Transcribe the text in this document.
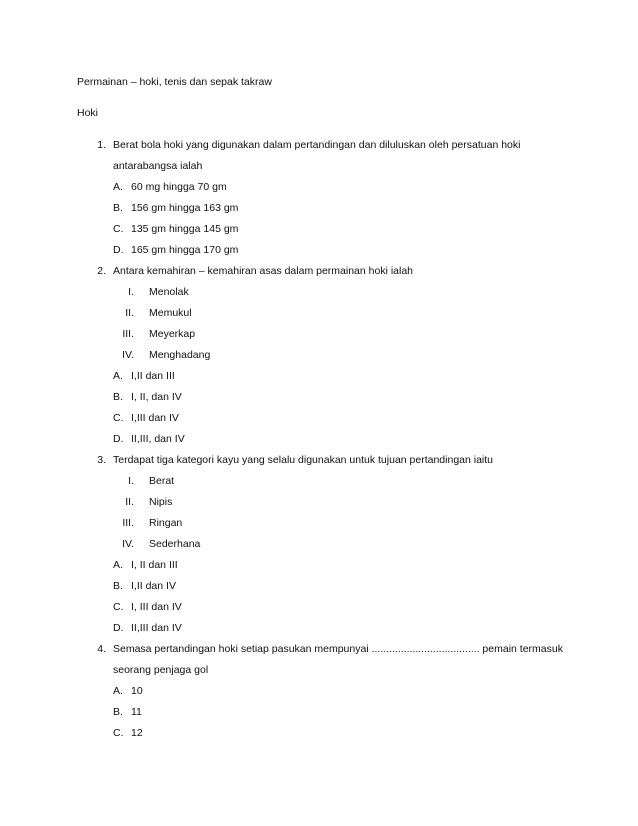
Permainan – hoki, tenis dan sepak takraw
Hoki
1. Berat bola hoki yang digunakan dalam pertandingan dan diluluskan oleh persatuan hoki
antarabangsa ialah
A. 60 mg hingga 70 gm
B. 156 gm hingga 163 gm
C. 135 gm hingga 145 gm
D. 165 gm hingga 170 gm
2. Antara kemahiran – kemahiran asas dalam permainan hoki ialah
I. Menolak
II. Memukul
III. Meyerkap
IV. Menghadang
A. I,II dan III
B. I, II, dan IV
C. I,III dan IV
D. II,III, dan IV
3. Terdapat tiga kategori kayu yang selalu digunakan untuk tujuan pertandingan iaitu
I. Berat
II. Nipis
III. Ringan
IV. Sederhana
A. I, II dan III
B. I,II dan IV
C. I, III dan IV
D. II,III dan IV
4. Semasa pertandingan hoki setiap pasukan mempunyai ..................................... pemain termasuk
seorang penjaga gol
A. 10
B. 11
C. 12
